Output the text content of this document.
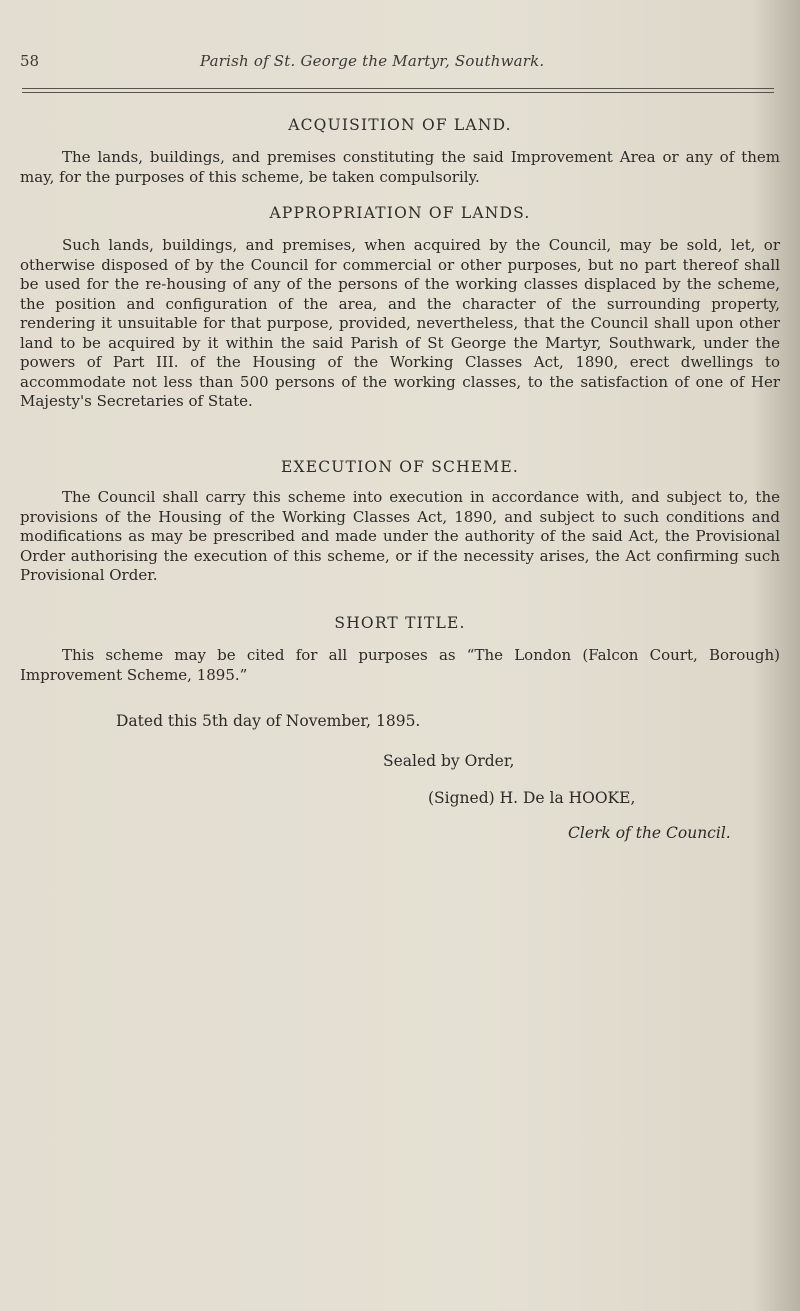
58	Parish of St. George the Martyr, Southwark.
ACQUISITION OF LAND.
The lands, buildings, and premises constituting the said Improvement Area or any of them may, for the purposes of this scheme, be taken compulsorily.
APPROPRIATION OF LANDS.
Such lands, buildings, and premises, when acquired by the Council, may be sold, let, or otherwise disposed of by the Council for commercial or other purposes, but no part thereof shall be used for the re-housing of any of the persons of the working classes displaced by the scheme, the position and configuration of the area, and the character of the surrounding property, rendering it unsuitable for that purpose, provided, nevertheless, that the Council shall upon other land to be acquired by it within the said Parish of St George the Martyr, Southwark, under the powers of Part III. of the Housing of the Working Classes Act, 1890, erect dwellings to accommodate not less than 500 persons of the working classes, to the satisfaction of one of Her Majesty's Secretaries of State.
EXECUTION OF SCHEME.
The Council shall carry this scheme into execution in accordance with, and subject to, the provisions of the Housing of the Working Classes Act, 1890, and subject to such conditions and modifications as may be prescribed and made under the authority of the said Act, the Provisional Order authorising the execution of this scheme, or if the necessity arises, the Act confirming such Provisional Order.
SHORT TITLE.
This scheme may be cited for all purposes as “The London (Falcon Court, Borough) Improvement Scheme, 1895.”
Dated this 5th day of November, 1895.
Sealed by Order,
(Signed) H. De la HOOKE,
Clerk of the Council.
